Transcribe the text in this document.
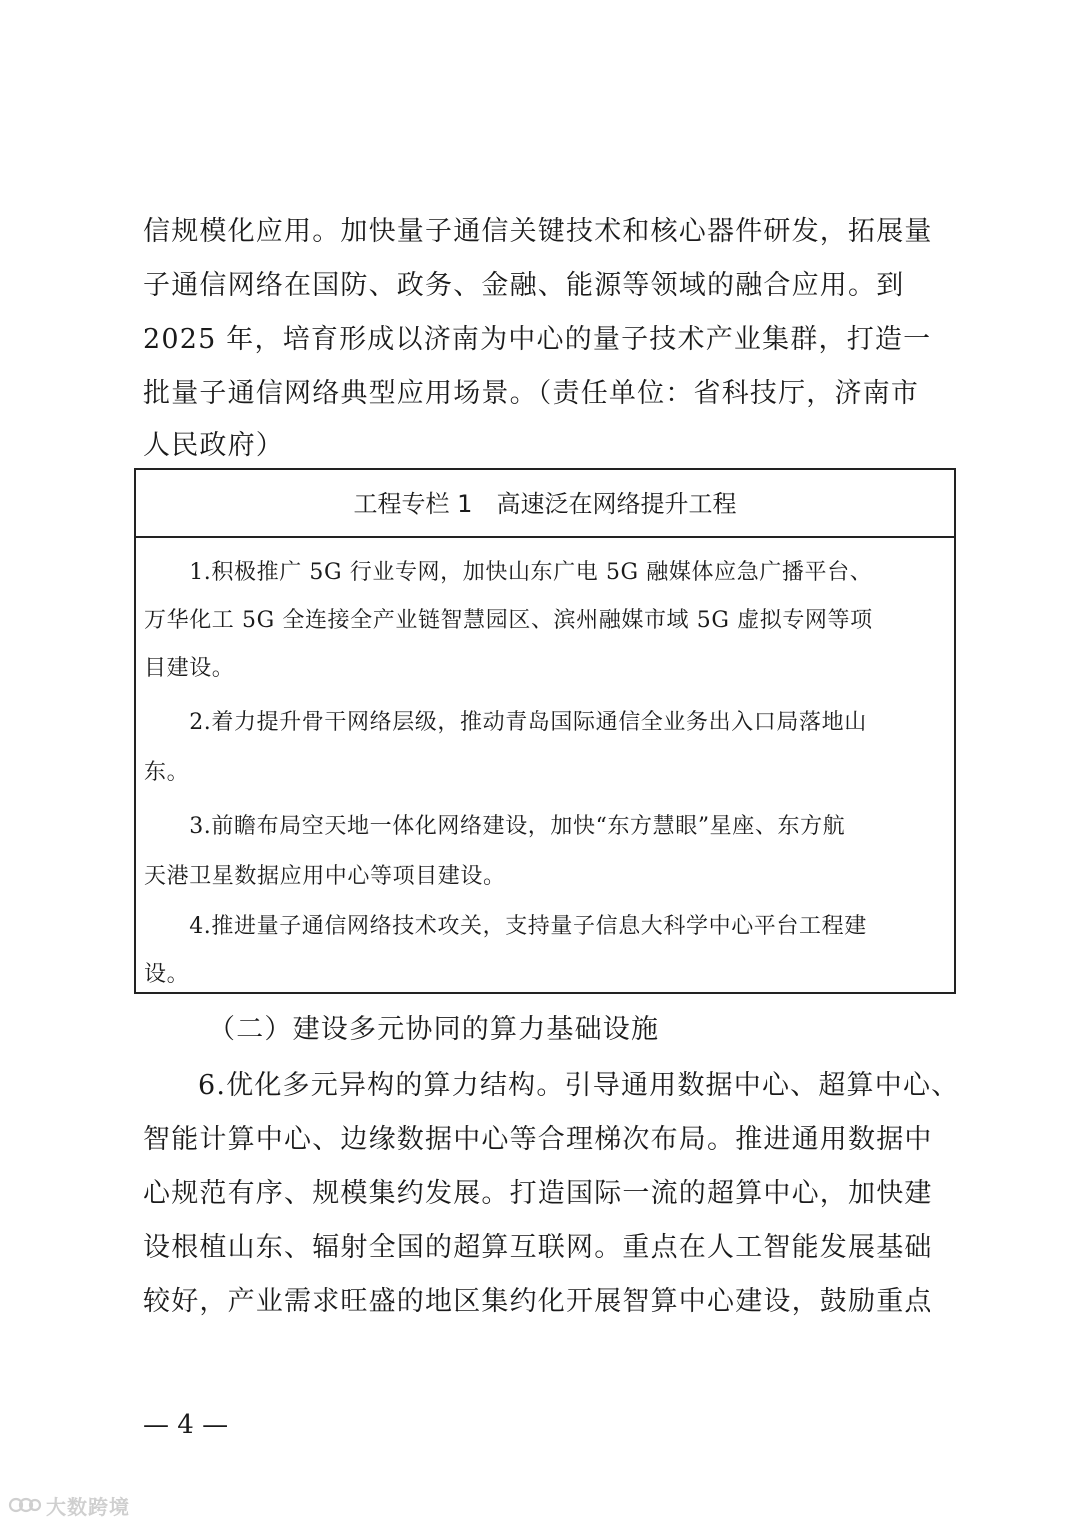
信规模化应用。加快量子通信关键技术和核心器件研发，拓展量
子通信网络在国防、政务、金融、能源等领域的融合应用。到
2025 年，培育形成以济南为中心的量子技术产业集群，打造一
批量子通信网络典型应用场景。（责任单位：省科技厅，济南市
人民政府）
工程专栏 1　高速泛在网络提升工程
　　1.积极推广 5G 行业专网，加快山东广电 5G 融媒体应急广播平台、
万华化工 5G 全连接全产业链智慧园区、滨州融媒市域 5G 虚拟专网等项
目建设。
　　2.着力提升骨干网络层级，推动青岛国际通信全业务出入口局落地山
东。
　　3.前瞻布局空天地一体化网络建设，加快“东方慧眼”星座、东方航
天港卫星数据应用中心等项目建设。
　　4.推进量子通信网络技术攻关，支持量子信息大科学中心平台工程建
设。
（二）建设多元协同的算力基础设施
6.优化多元异构的算力结构。引导通用数据中心、超算中心、
智能计算中心、边缘数据中心等合理梯次布局。推进通用数据中
心规范有序、规模集约发展。打造国际一流的超算中心，加快建
设根植山东、辐射全国的超算互联网。重点在人工智能发展基础
较好，产业需求旺盛的地区集约化开展智算中心建设，鼓励重点
— 4 —
大数跨境
